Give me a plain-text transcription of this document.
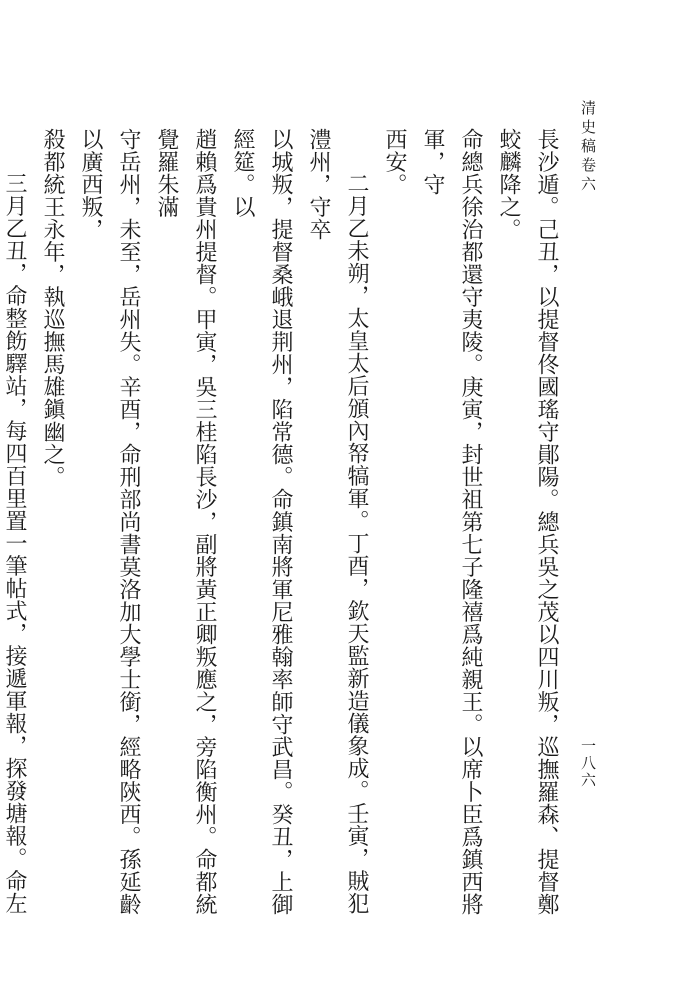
清史稿卷六
一八六
長沙遁。己丑，以提督佟國瑤守鄖陽。總兵吳之茂以四川叛，巡撫羅森、提督鄭蛟麟降之。
命總兵徐治都還守夷陵。庚寅，封世祖第七子隆禧爲純親王。以席卜臣爲鎮西將軍，守
西安。
二月乙未朔，太皇太后頒內帑犒軍。丁酉，欽天監新造儀象成。壬寅，賊犯澧州，守卒
以城叛，提督桑峨退荆州，陷常德。命鎮南將軍尼雅翰率師守武昌。癸丑，上御經筵。以
趙賴爲貴州提督。甲寅，吳三桂陷長沙，副將黃正卿叛應之，旁陷衡州。命都統覺羅朱滿
守岳州，未至，岳州失。辛酉，命刑部尚書莫洛加大學士銜，經略陝西。孫延齡以廣西叛，
殺都統王永年，執巡撫馬雄鎭幽之。
三月乙丑，命整飭驛站，每四百里置一筆帖式，接遞軍報，探發塘報。命左
